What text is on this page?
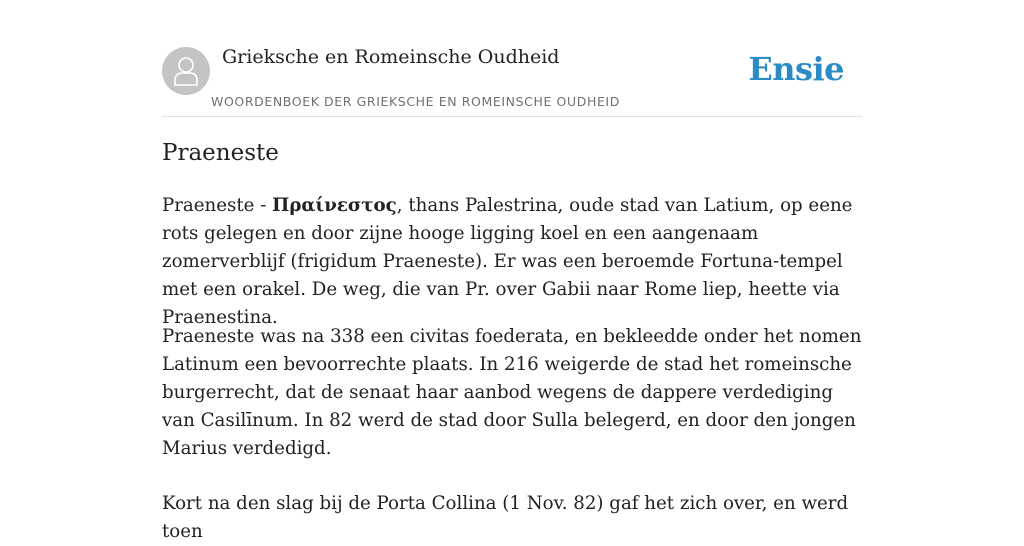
Grieksche en Romeinsche Oudheid
WOORDENBOEK DER GRIEKSCHE EN ROMEINSCHE OUDHEID
Ensie
Praeneste

Praeneste - Πραίνεστος, thans Palestrina, oude stad van Latium, op eene rots gelegen en door zijne hooge ligging koel en een aangenaam zomerverblijf (frigidum Praeneste). Er was een beroemde Fortuna-tempel met een orakel. De weg, die van Pr. over Gabii naar Rome liep, heette via Praenestina.

Praeneste was na 338 een civitas foederata, en bekleedde onder het nomen Latinum een bevoorrechte plaats. In 216 weigerde de stad het romeinsche burgerrecht, dat de senaat haar aanbod wegens de dappere verdediging van Casilīnum. In 82 werd de stad door Sulla belegerd, en door den jongen Marius verdedigd.

Kort na den slag bij de Porta Collina (1 Nov. 82) gaf het zich over, en werd toen
